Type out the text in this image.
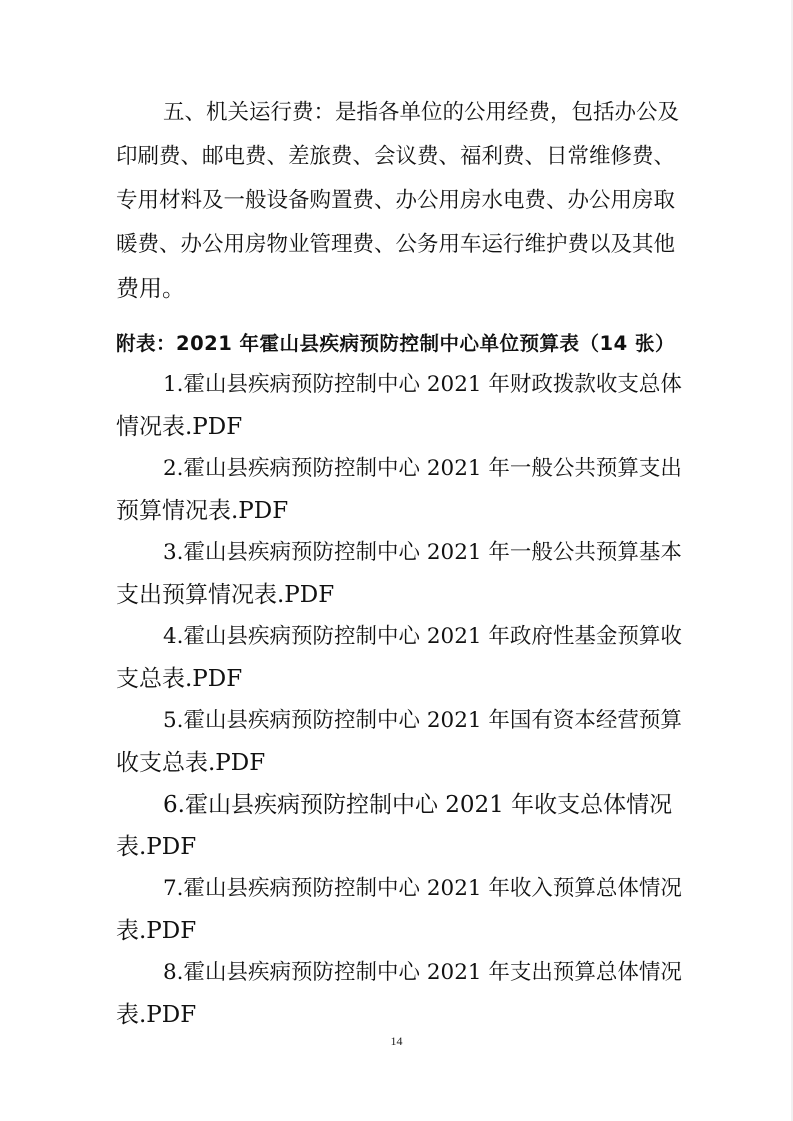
五、机关运行费：是指各单位的公用经费，包括办公及
印刷费、邮电费、差旅费、会议费、福利费、日常维修费、
专用材料及一般设备购置费、办公用房水电费、办公用房取
暖费、办公用房物业管理费、公务用车运行维护费以及其他
费用。
附表：2021 年霍山县疾病预防控制中心单位预算表（14 张）
1.霍山县疾病预防控制中心 2021 年财政拨款收支总体
情况表.PDF
2.霍山县疾病预防控制中心 2021 年一般公共预算支出
预算情况表.PDF
3.霍山县疾病预防控制中心 2021 年一般公共预算基本
支出预算情况表.PDF
4.霍山县疾病预防控制中心 2021 年政府性基金预算收
支总表.PDF
5.霍山县疾病预防控制中心 2021 年国有资本经营预算
收支总表.PDF
6.霍山县疾病预防控制中心 2021 年收支总体情况
表.PDF
7.霍山县疾病预防控制中心 2021 年收入预算总体情况
表.PDF
8.霍山县疾病预防控制中心 2021 年支出预算总体情况
表.PDF
14
